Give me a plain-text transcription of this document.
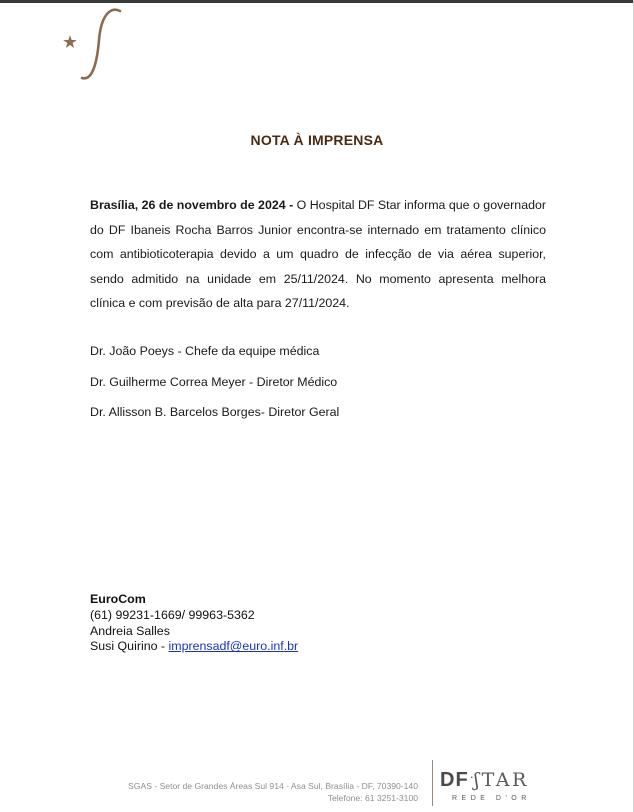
NOTA À IMPRENSA
Brasília, 26 de novembro de 2024 - O Hospital DF Star informa que o governador do DF Ibaneis Rocha Barros Junior encontra-se internado em tratamento clínico com antibioticoterapia devido a um quadro de infecção de via aérea superior, sendo admitido na unidade em 25/11/2024. No momento apresenta melhora clínica e com previsão de alta para 27/11/2024.
Dr. João Poeys - Chefe da equipe médica
Dr. Guilherme Correa Meyer - Diretor Médico
Dr. Allisson B. Barcelos Borges- Diretor Geral
EuroCom
(61) 99231-1669/ 99963-5362
Andreia Salles
Susi Quirino - imprensadf@euro.inf.br
SGAS - Setor de Grandes Áreas Sul 914 - Asa Sul, Brasília - DF, 70390-140
Telefone: 61 3251-3100
DF · ʃTAR
REDE D'OR
